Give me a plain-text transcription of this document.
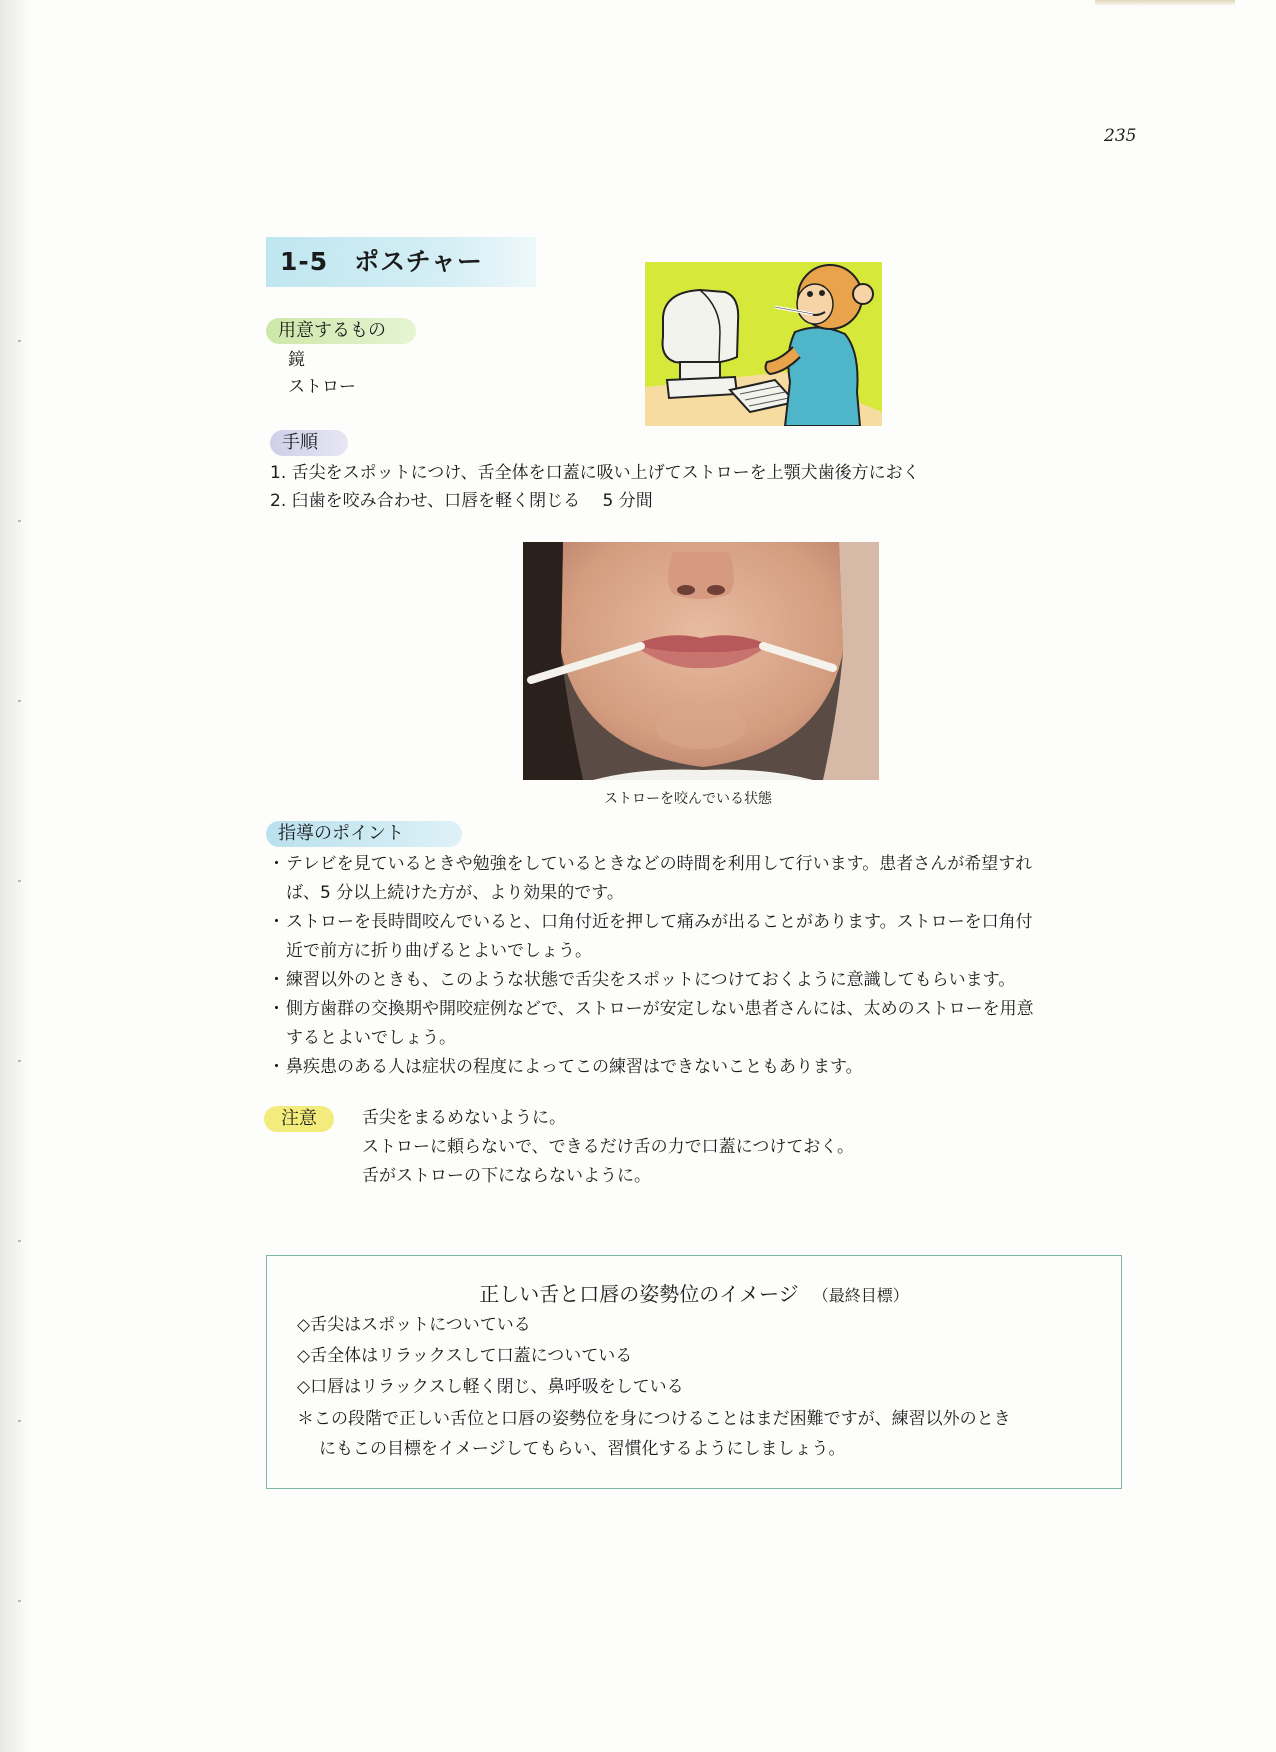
235
1-5 ポスチャー
用意するもの
鏡
ストロー
手順
1. 舌尖をスポットにつけ、舌全体を口蓋に吸い上げてストローを上顎犬歯後方におく
2. 臼歯を咬み合わせ、口唇を軽く閉じる　 5 分間
ストローを咬んでいる状態
指導のポイント
・ テレビを見ているときや勉強をしているときなどの時間を利用して行います。患者さんが希望すれ
ば、5 分以上続けた方が、より効果的です。
・ ストローを長時間咬んでいると、口角付近を押して痛みが出ることがあります。ストローを口角付
近で前方に折り曲げるとよいでしょう。
・ 練習以外のときも、このような状態で舌尖をスポットにつけておくように意識してもらいます。
・ 側方歯群の交換期や開咬症例などで、ストローが安定しない患者さんには、太めのストローを用意
するとよいでしょう。
・ 鼻疾患のある人は症状の程度によってこの練習はできないこともあります。
注意	舌尖をまるめないように。
ストローに頼らないで、できるだけ舌の力で口蓋につけておく。
舌がストローの下にならないように。
正しい舌と口唇の姿勢位のイメージ （最終目標）
◇舌尖はスポットについている
◇舌全体はリラックスして口蓋についている
◇口唇はリラックスし軽く閉じ、鼻呼吸をしている
＊この段階で正しい舌位と口唇の姿勢位を身につけることはまだ困難ですが、練習以外のとき
にもこの目標をイメージしてもらい、習慣化するようにしましょう。
